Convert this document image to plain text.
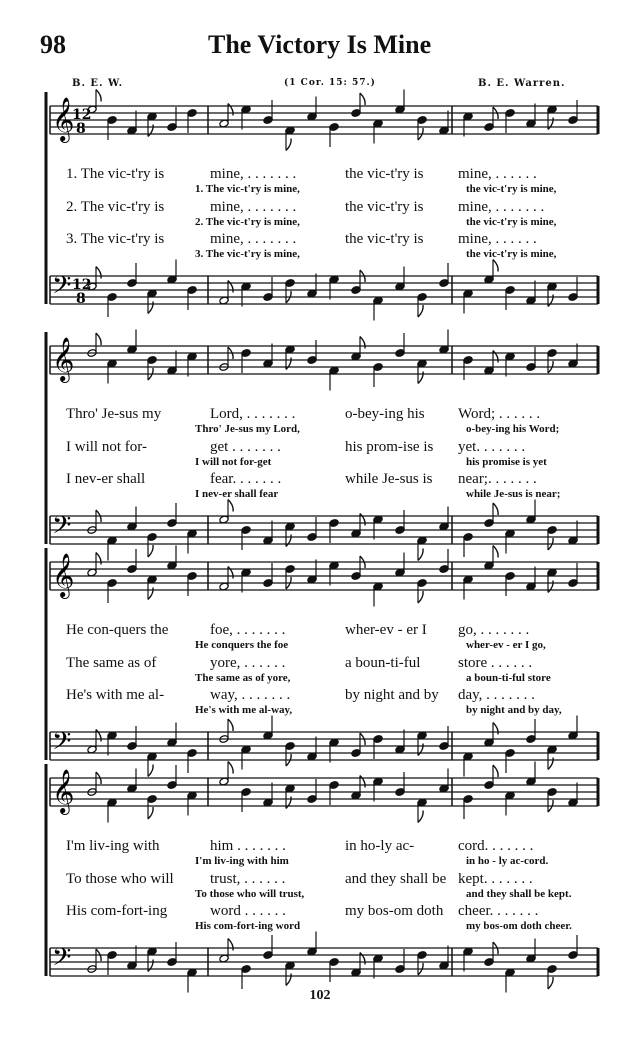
98	The Victory Is Mine
B. E. W.	(1 Cor. 15: 57.)	B. E. Warren.
𝄞
12
8
𝄢 12
8
1. The vic-t'ry is	mine, . . . . . . .	the vic-t'ry is mine, . . . . . .
1. The vic-t'ry is mine,	the vic-t'ry is mine,
2. The vic-t'ry is	mine, . . . . . . .	the vic-t'ry is mine, . . . . . . .
2. The vic-t'ry is mine,	the vic-t'ry is mine,
3. The vic-t'ry is	mine, . . . . . . .	the vic-t'ry is mine, . . . . . .
3. The vic-t'ry is mine,	the vic-t'ry is mine,
𝄞
𝄢
Thro' Je-sus my	Lord, . . . . . . .	o-bey-ing his Word; . . . . . .
Thro' Je-sus my Lord,	o-bey-ing his Word;
I will not for-	get . . . . . . .	his prom-ise is yet. . . . . . .
I will not for-get	his promise is yet
I nev-er shall	fear. . . . . . .	while Je-sus is near;. . . . . . .
I nev-er shall fear	while Je-sus is near;
𝄞
𝄢
He con-quers the	foe, . . . . . . .	wher-ev - er I go, . . . . . . .
He conquers the foe	wher-ev - er I go,
The same as of	yore, . . . . . .	a boun-ti-ful	store . . . . . .
The same as of yore,	a boun-ti-ful store
He's with me al-	way, . . . . . . .	by night and by day, . . . . . . .
He's with me al-way,	by night and by day,
𝄞
𝄢
I'm liv-ing with	him . . . . . . .	in ho-ly ac-	cord. . . . . . .
I'm liv-ing with him	in ho - ly ac-cord.
To those who will trust, . . . . . .	and they shall be kept. . . . . . .
To those who will trust,	and they shall be kept.
His com-fort-ing	word . . . . . .	my bos-om doth cheer. . . . . . .
His com-fort-ing word	my bos-om doth cheer.
102
